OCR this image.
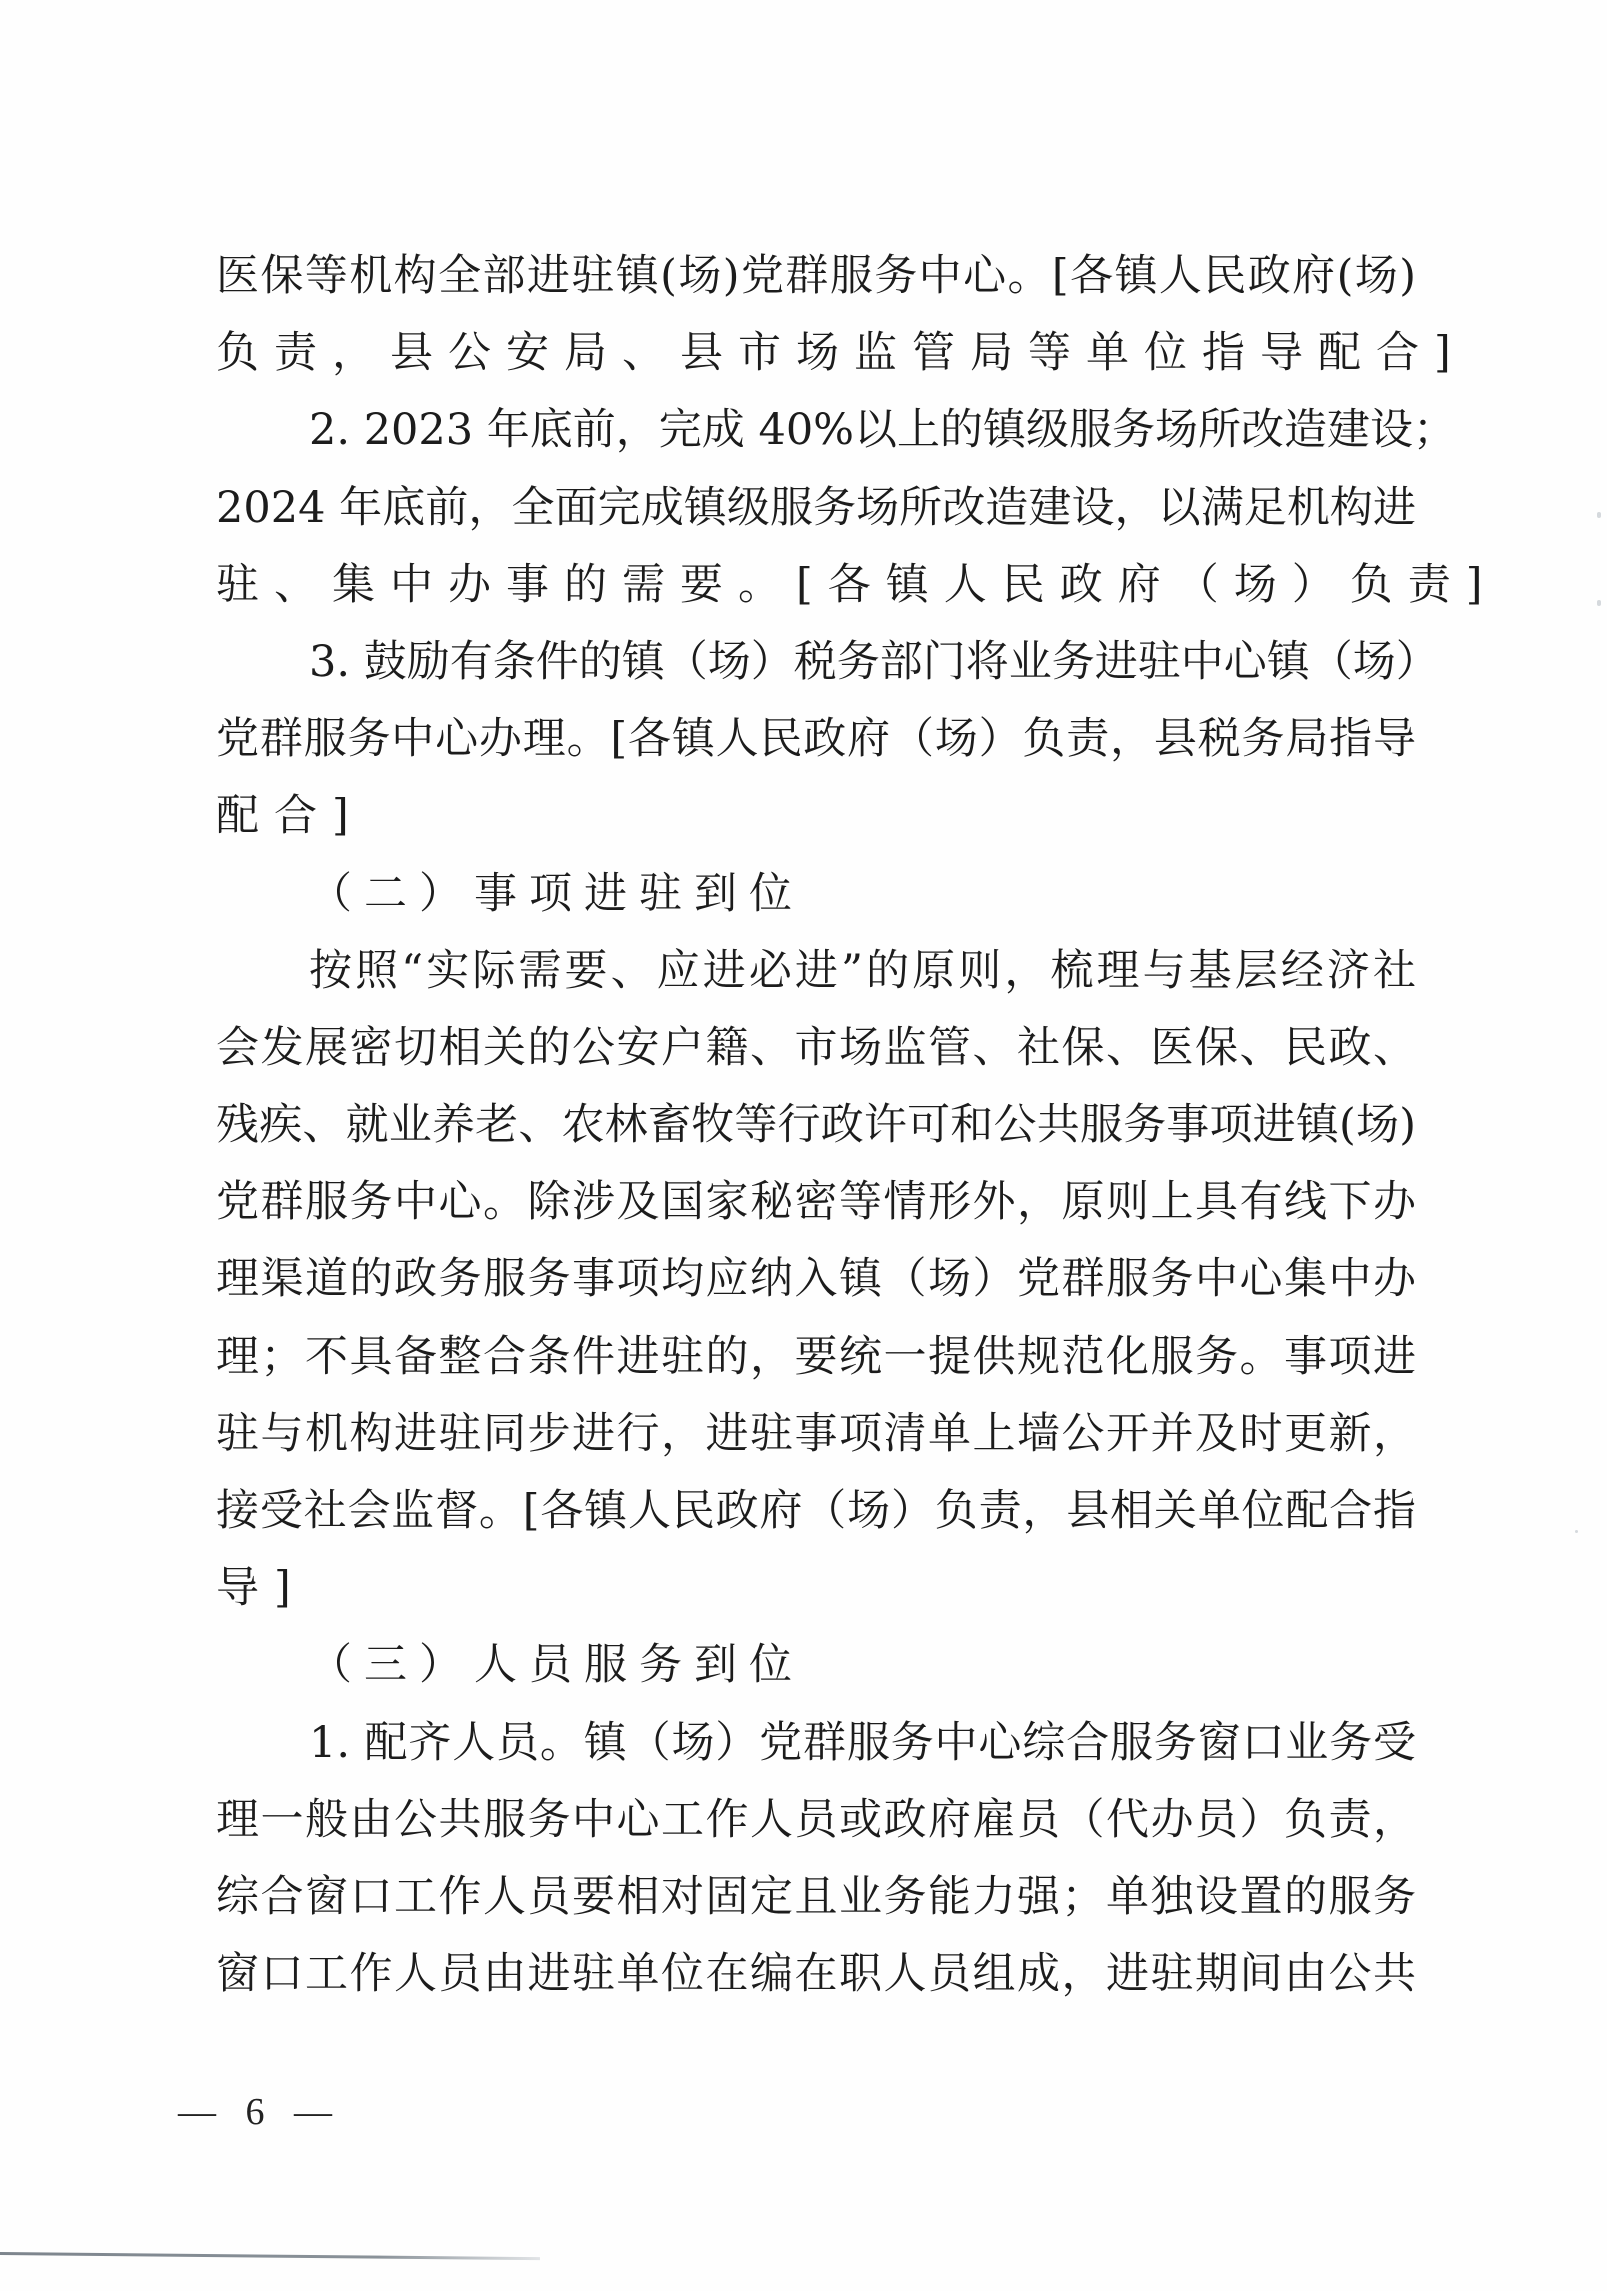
医保等机构全部进驻镇(场)党群服务中心。[各镇人民政府(场)
负责，县公安局、县市场监管局等单位指导配合]
2. 2023 年底前，完成 40%以上的镇级服务场所改造建设；
2024 年底前，全面完成镇级服务场所改造建设，以满足机构进
驻、集中办事的需要。[各镇人民政府（场）负责]
3. 鼓励有条件的镇（场）税务部门将业务进驻中心镇（场）
党群服务中心办理。[各镇人民政府（场）负责，县税务局指导
配合]
（二）事项进驻到位
按照“实际需要、应进必进”的原则，梳理与基层经济社
会发展密切相关的公安户籍、市场监管、社保、医保、民政、
残疾、就业养老、农林畜牧等行政许可和公共服务事项进镇(场)
党群服务中心。除涉及国家秘密等情形外，原则上具有线下办
理渠道的政务服务事项均应纳入镇（场）党群服务中心集中办
理；不具备整合条件进驻的，要统一提供规范化服务。事项进
驻与机构进驻同步进行，进驻事项清单上墙公开并及时更新，
接受社会监督。[各镇人民政府（场）负责，县相关单位配合指
导]
（三）人员服务到位
1. 配齐人员。镇（场）党群服务中心综合服务窗口业务受
理一般由公共服务中心工作人员或政府雇员（代办员）负责，
综合窗口工作人员要相对固定且业务能力强；单独设置的服务
窗口工作人员由进驻单位在编在职人员组成，进驻期间由公共
— 6 —
